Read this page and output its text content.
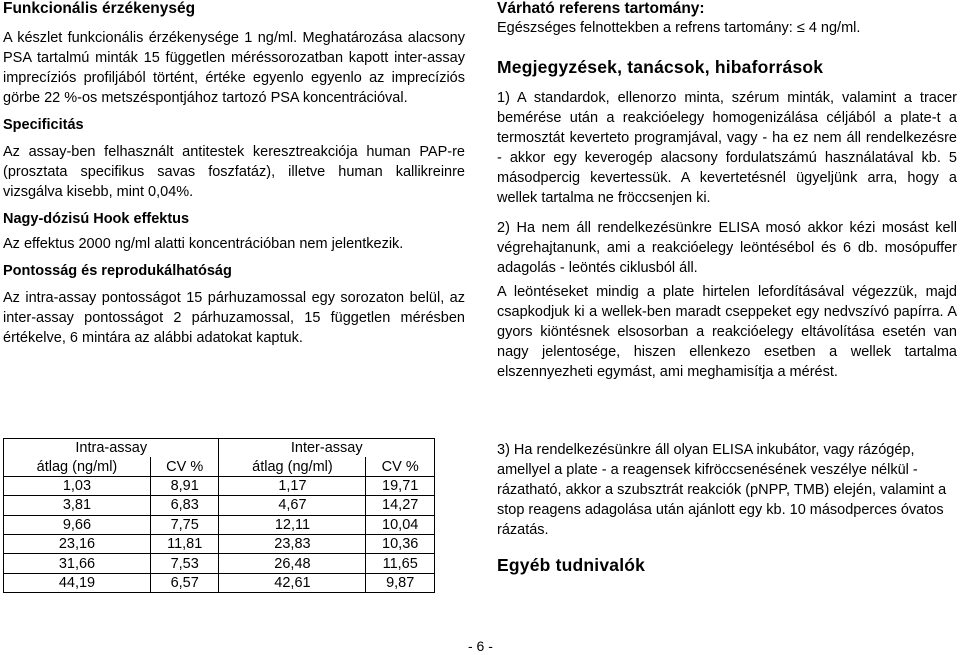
Funkcionális érzékenység

A készlet funkcionális érzékenysége 1 ng/ml. Meghatározása alacsony PSA tartalmú minták 15 független méréssorozatban kapott inter-assay imprecíziós profiljából történt, értéke egyenlo egyenlo az imprecíziós görbe 22 %-os metszéspontjához tartozó PSA koncentrációval.

Specificitás

Az assay-ben felhasznált antitestek keresztreakciója human PAP-re (prosztata specifikus savas foszfatáz), illetve human kallikreinre vizsgálva kisebb, mint 0,04%.

Nagy-dózisú Hook effektus

Az effektus 2000 ng/ml alatti koncentrációban nem jelentkezik.

Pontosság és reprodukálhatóság

Az intra-assay pontosságot 15 párhuzamossal egy sorozaton belül, az inter-assay pontosságot 2 párhuzamossal, 15 független mérésben értékelve, 6 mintára az alábbi adatokat kaptuk.

Várható referens tartomány:

Egészséges felnottekben a refrens tartomány: ≤ 4 ng/ml.

Megjegyzések, tanácsok, hibaforrások

1) A standardok, ellenorzo minta, szérum minták, valamint a tracer bemérése után a reakcióelegy homogenizálása céljából a plate-t a termosztát keverteto programjával, vagy - ha ez nem áll rendelkezésre - akkor egy keverogép alacsony fordulatszámú használatával kb. 5 másodpercig kevertessük. A kevertetésnél ügyeljünk arra, hogy a wellek tartalma ne fröccsenjen ki.

2) Ha nem áll rendelkezésünkre ELISA mosó akkor kézi mosást kell végrehajtanunk, ami a reakcióelegy leöntésébol és 6 db. mosópuffer adagolás - leöntés ciklusból áll.

A leöntéseket mindig a plate hirtelen lefordításával végezzük, majd csapkodjuk ki a wellek-ben maradt cseppeket egy nedvszívó papírra. A gyors kiöntésnek elsosorban a reakcióelegy eltávolítása esetén van nagy jelentosége, hiszen ellenkezo esetben a wellek tartalma elszennyezheti egymást, ami meghamisítja a mérést.

Intra-assay		Inter-assay	
átlag (ng/ml)	CV %	átlag (ng/ml)	CV %
1,03	8,91	1,17	19,71
3,81	6,83	4,67	14,27
9,66	7,75	12,11	10,04
23,16	11,81	23,83	10,36
31,66	7,53	26,48	11,65
44,19	6,57	42,61	9,87

3) Ha rendelkezésünkre áll olyan ELISA inkubátor, vagy rázógép, amellyel a plate - a reagensek kifröccsenésének veszélye nélkül - rázatható, akkor a szubsztrát reakciók (pNPP, TMB) elején, valamint a stop reagens adagolása után ajánlott egy kb. 10 másodperces óvatos rázatás.

Egyéb tudnivalók
- 6 -
